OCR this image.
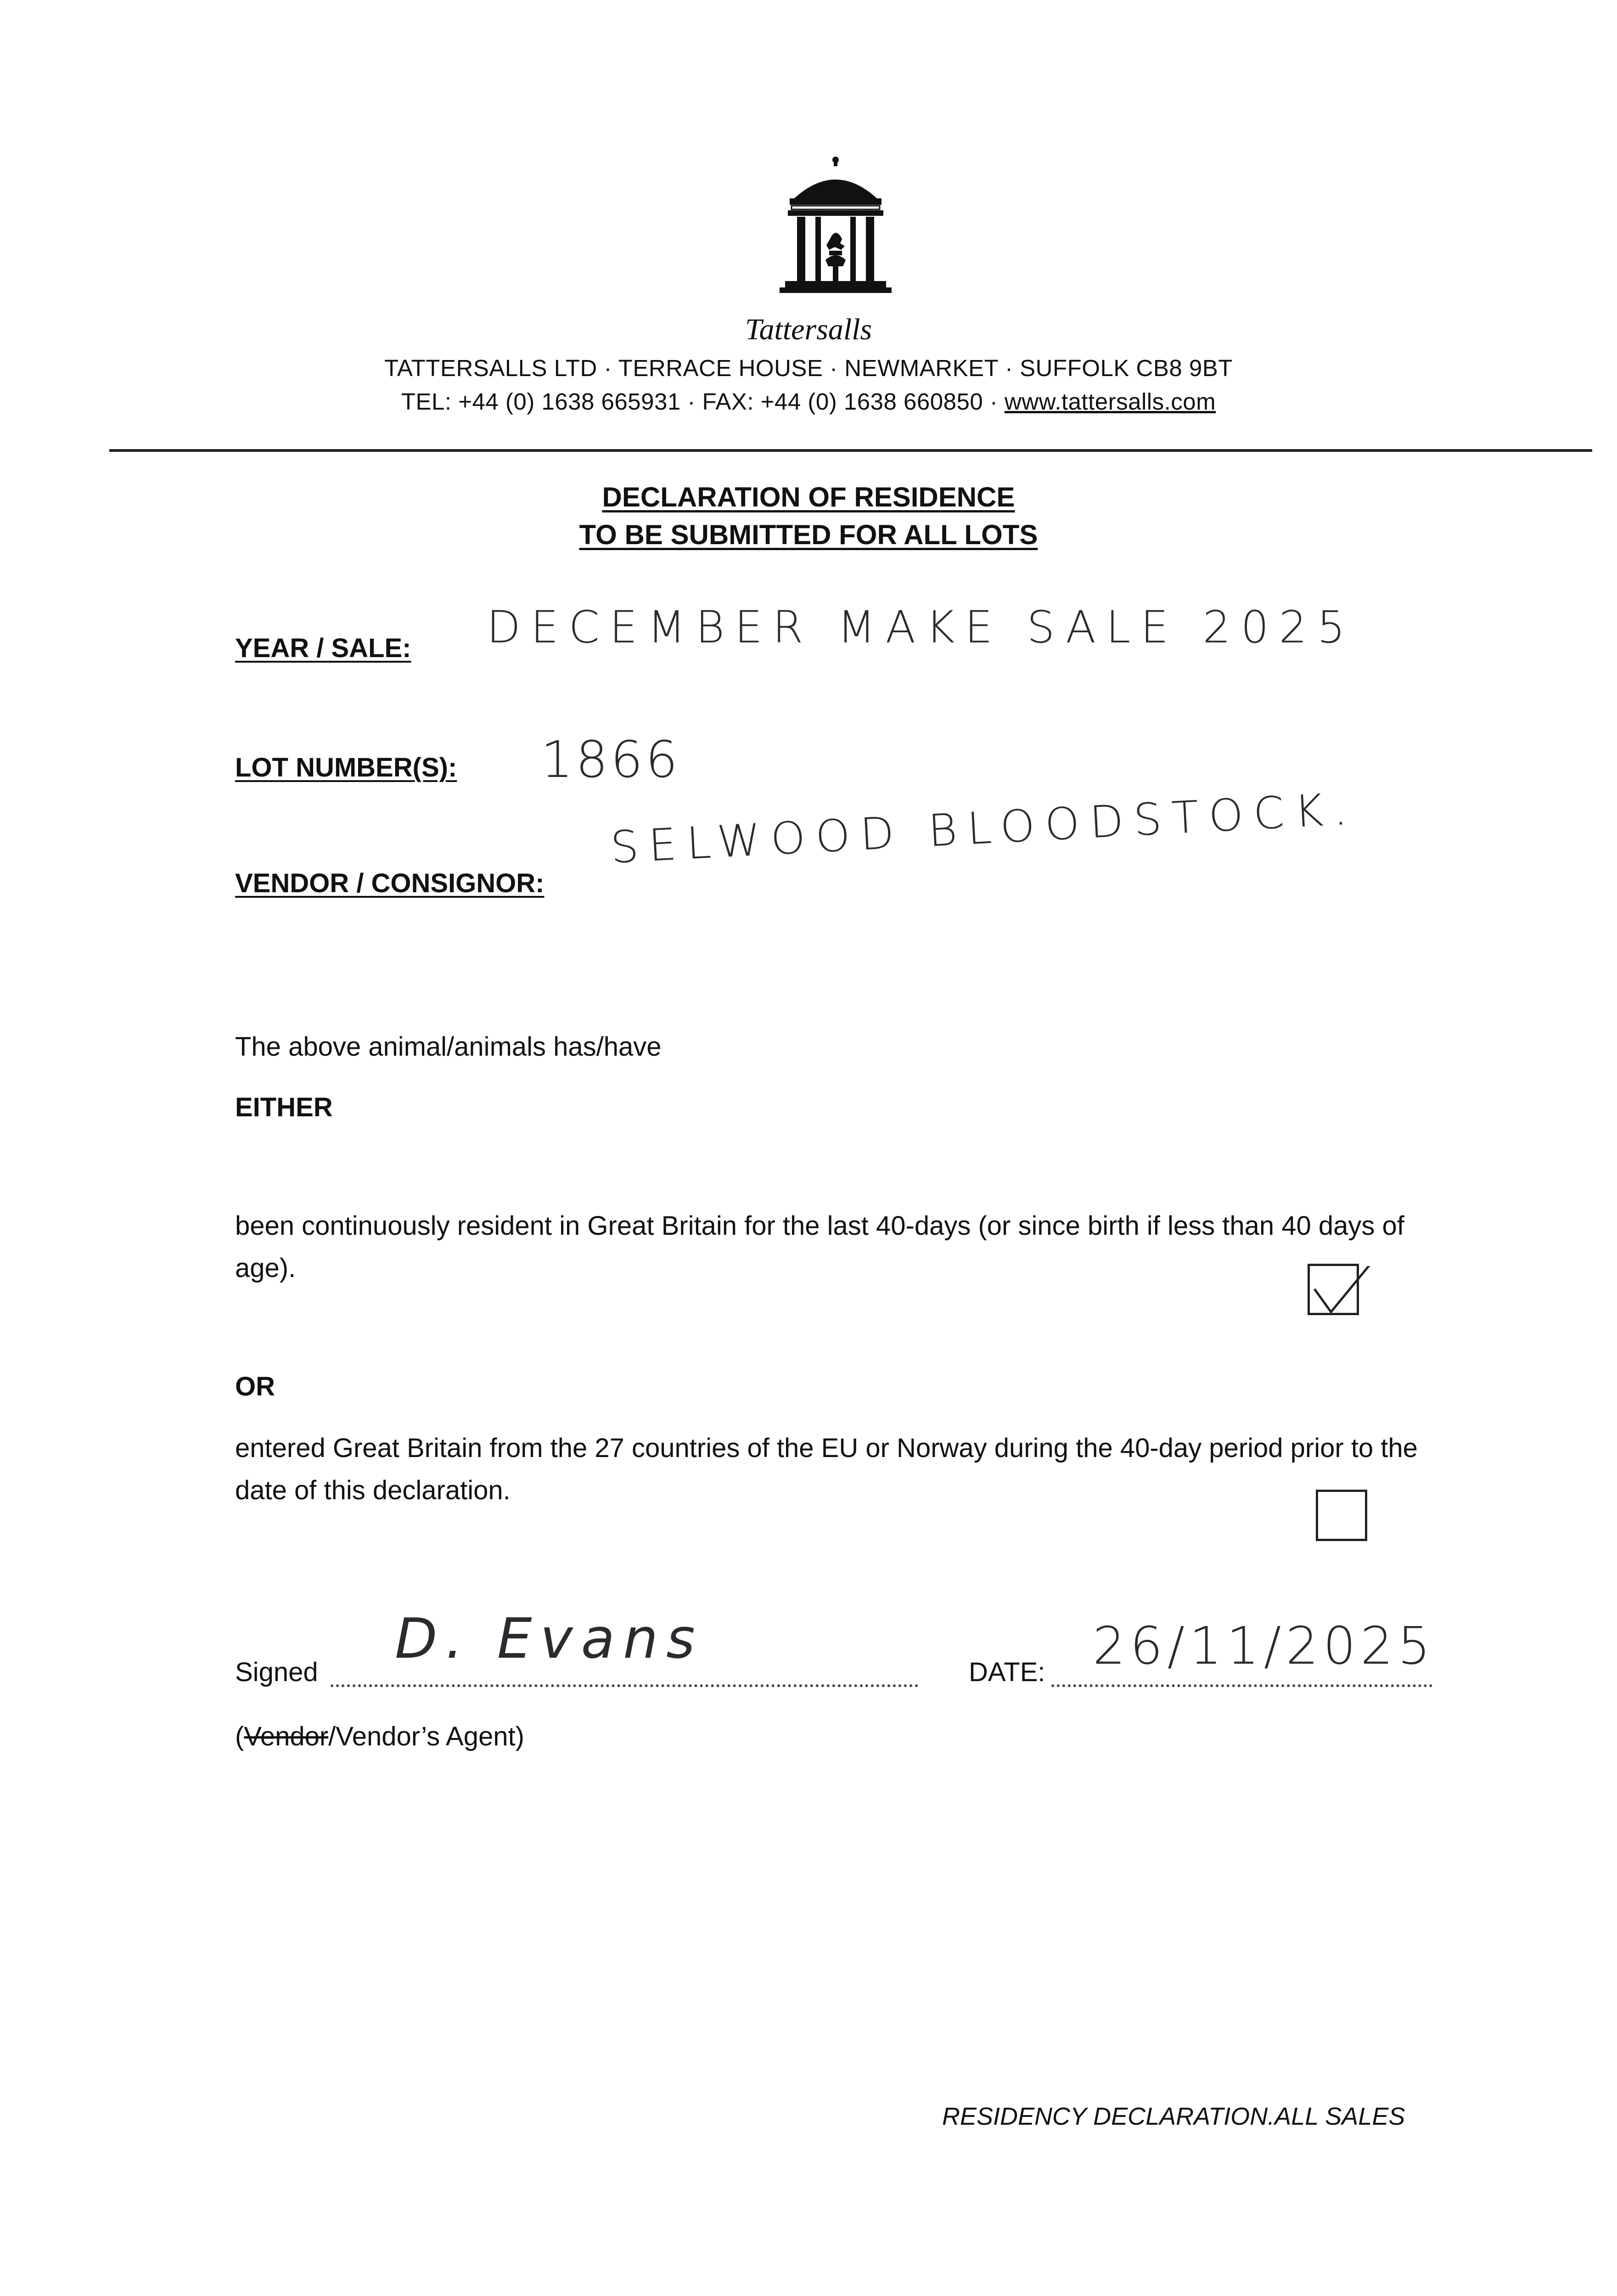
Tattersalls
TATTERSALLS LTD · TERRACE HOUSE · NEWMARKET · SUFFOLK CB8 9BT
TEL: +44 (0) 1638 665931 · FAX: +44 (0) 1638 660850 · www.tattersalls.com
DECLARATION OF RESIDENCE
TO BE SUBMITTED FOR ALL LOTS
YEAR / SALE: DECEMBER MAKE SALE 2025
LOT NUMBER(S): 1866
VENDOR / CONSIGNOR:
SELWOOD BLOODSTOCK.
The above animal/animals has/have
EITHER
been continuously resident in Great Britain for the last 40-days (or since birth if less than 40 days of age).
OR
entered Great Britain from the 27 countries of the EU or Norway during the 40-day period prior to the date of this declaration.
Signed
D. Evans
DATE: 26/11/2025
(Vendor/Vendor’s Agent)
RESIDENCY DECLARATION.ALL SALES
